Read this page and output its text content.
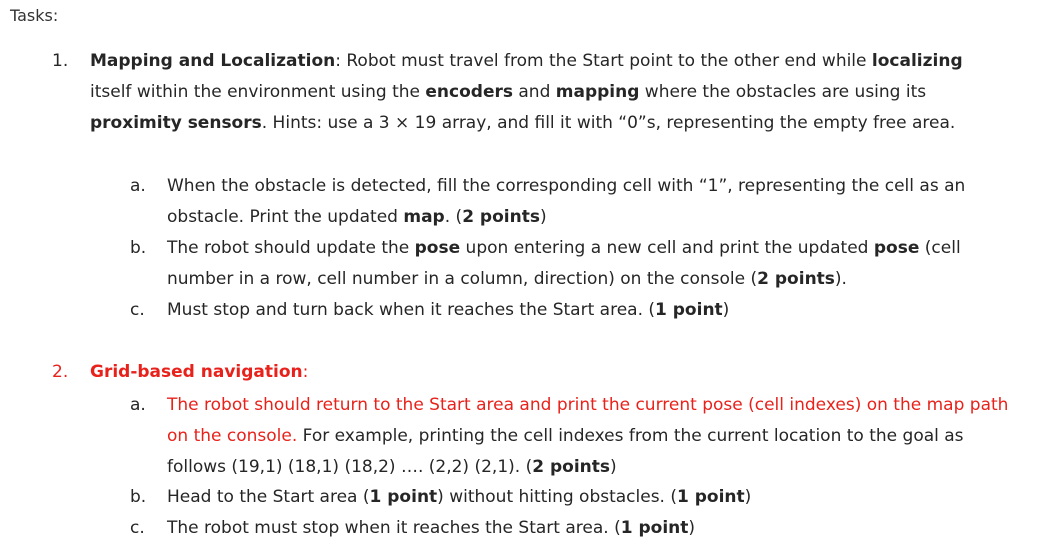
Tasks:
1. Mapping and Localization: Robot must travel from the Start point to the other end while localizing itself within the environment using the encoders and mapping where the obstacles are using its proximity sensors. Hints: use a 3 × 19 array, and fill it with “0”s, representing the empty free area.
a. When the obstacle is detected, fill the corresponding cell with “1”, representing the cell as an obstacle. Print the updated map. (2 points)
b. The robot should update the pose upon entering a new cell and print the updated pose (cell number in a row, cell number in a column, direction) on the console (2 points).
c. Must stop and turn back when it reaches the Start area. (1 point)
2. Grid-based navigation:
a. The robot should return to the Start area and print the current pose (cell indexes) on the map path on the console. For example, printing the cell indexes from the current location to the goal as follows (19,1) (18,1) (18,2) …. (2,2) (2,1). (2 points)
b. Head to the Start area (1 point) without hitting obstacles. (1 point)
c. The robot must stop when it reaches the Start area. (1 point)
